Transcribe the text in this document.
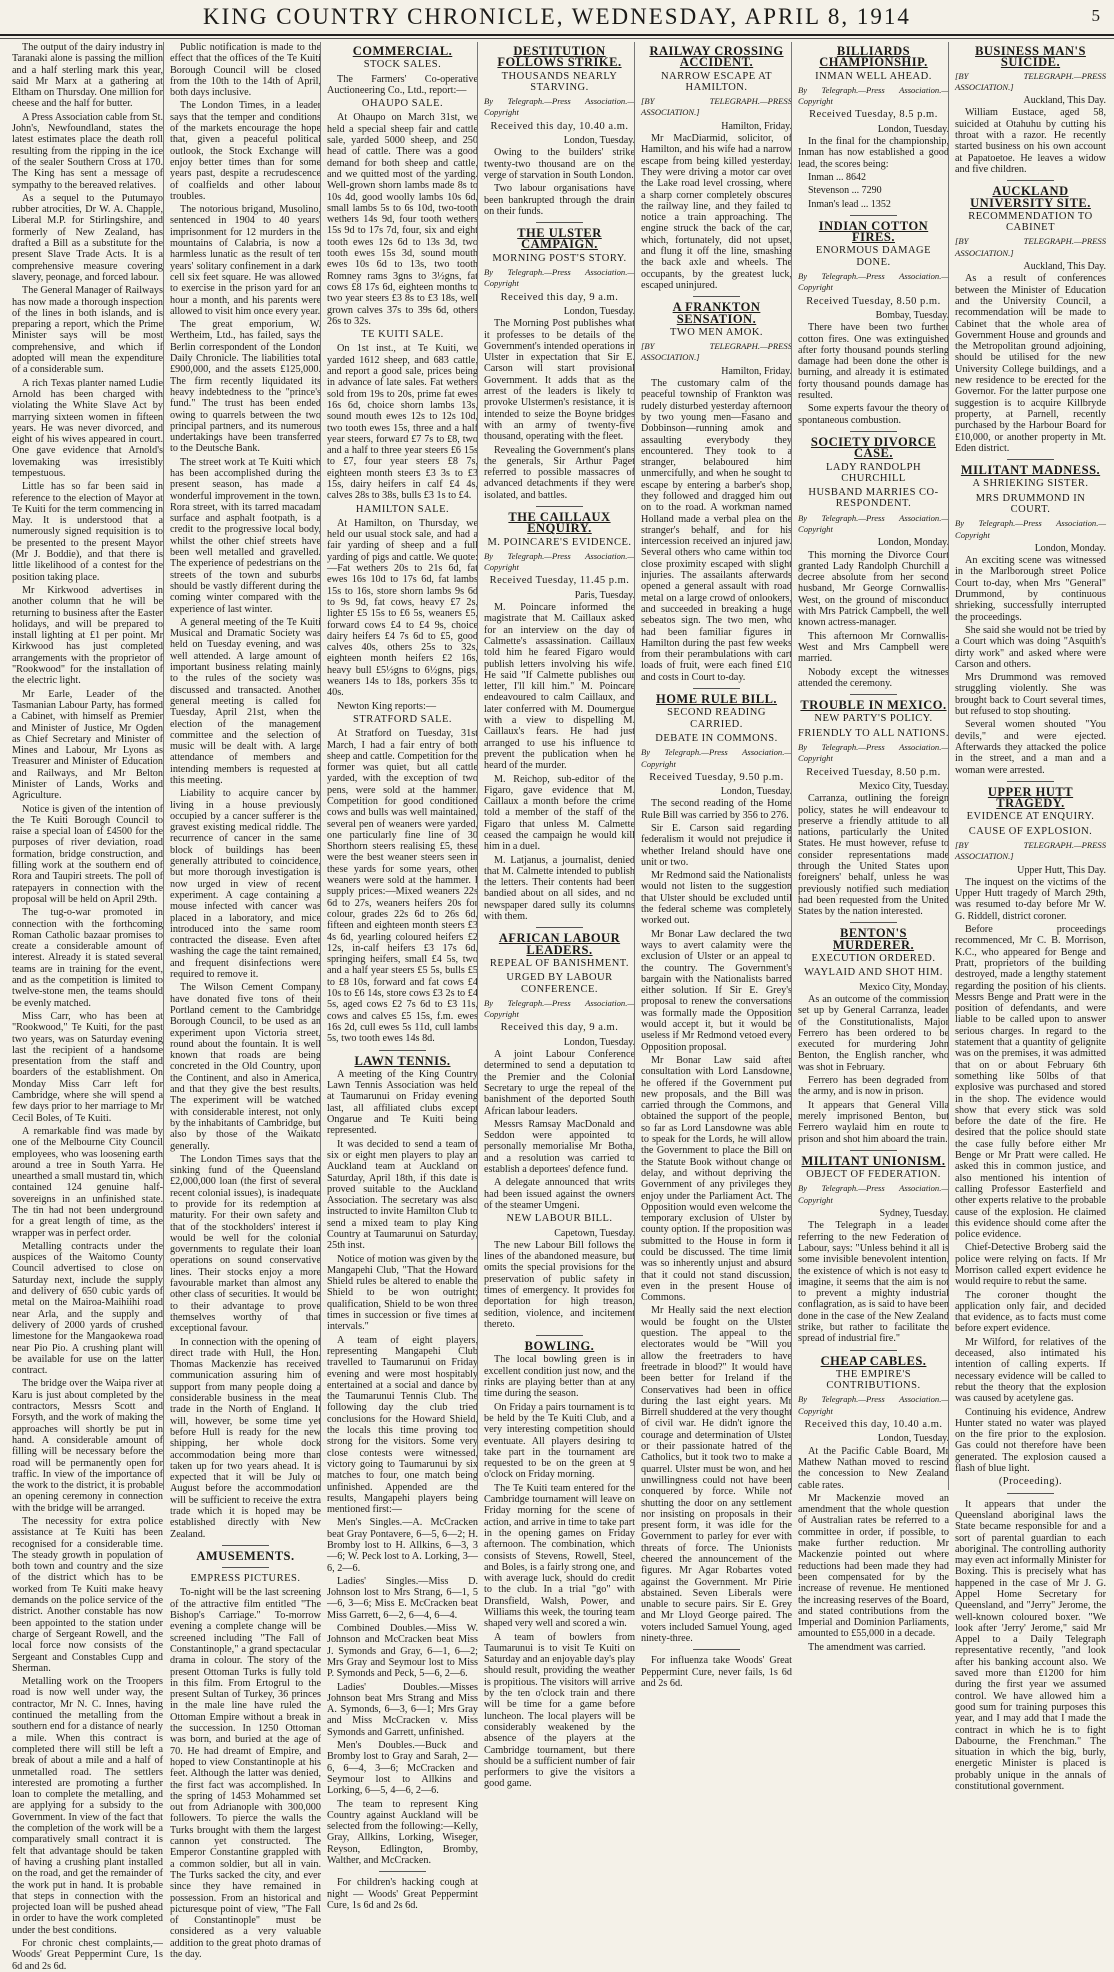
KING COUNTRY CHRONICLE, WEDNESDAY, APRIL 8, 1914	5

The output of the dairy industry in Taranaki alone is passing the million and a half sterling mark this year, said Mr Marx at a gathering at Eltham on Thursday. One million for cheese and the half for butter.

A Press Association cable from St. John's, Newfoundland, states the latest estimates place the death roll resulting from the ripping in the ice of the sealer Southern Cross at 170. The King has sent a message of sympathy to the bereaved relatives.

As a sequel to the Putumayo rubber atrocities, Dr W. A. Chapple, Liberal M.P. for Stirlingshire, and formerly of New Zealand, has drafted a Bill as a substitute for the present Slave Trade Acts. It is a comprehensive measure covering slavery, peonage, and forced labour.

The General Manager of Railways has now made a thorough inspection of the lines in both islands, and is preparing a report, which the Prime Minister says will be most comprehensive, and which if adopted will mean the expenditure of a considerable sum.

A rich Texas planter named Ludie Arnold has been charged with violating the White Slave Act by marrying sixteen women in fifteen years. He was never divorced, and eight of his wives appeared in court. One gave evidence that Arnold's lovemaking was irresistibly tempestuous.

Little has so far been said in reference to the election of Mayor at Te Kuiti for the term commencing in May. It is understood that a numerously signed requisition is to be presented to the present Mayor (Mr J. Boddie), and that there is little likelihood of a contest for the position taking place.

Mr Kirkwood advertises in another column that he will be returning to business after the Easter holidays, and will be prepared to install lighting at £1 per point. Mr Kirkwood has just completed arrangements with the proprietor of "Rookwood" for the installation of the electric light.

Mr Earle, Leader of the Tasmanian Labour Party, has formed a Cabinet, with himself as Premier and Minister of Justice, Mr Ogden as Chief Secretary and Minister of Mines and Labour, Mr Lyons as Treasurer and Minister of Education and Railways, and Mr Belton Minister of Lands, Works and Agriculture.

Notice is given of the intention of the Te Kuiti Borough Council to raise a special loan of £4500 for the purposes of river deviation, road formation, bridge construction, and filling work at the southern end of Rora and Taupiri streets. The poll of ratepayers in connection with the proposal will be held on April 29th.

The tug-o-war promoted in connection with the forthcoming Roman Catholic bazaar promises to create a considerable amount of interest. Already it is stated several teams are in training for the event, and as the competition is limited to twelve-stone men, the teams should be evenly matched.

Miss Carr, who has been at "Rookwood," Te Kuiti, for the past two years, was on Saturday evening last the recipient of a handsome presentation from the staff and boarders of the establishment. On Monday Miss Carr left for Cambridge, where she will spend a few days prior to her marriage to Mr Cecil Boles, of Te Kuiti.

A remarkable find was made by one of the Melbourne City Council employees, who was loosening earth around a tree in South Yarra. He unearthed a small mustard tin, which contained 124 genuine half-sovereigns in an unfinished state. The tin had not been underground for a great length of time, as the wrapper was in perfect order.

Metalling contracts under the auspices of the Waitomo County Council advertised to close on Saturday next, include the supply and delivery of 650 cubic yards of metal on the Mairoa-Maihiihi road near Arla, and the supply and delivery of 2000 yards of crushed limestone for the Mangaokewa road near Pio Pio. A crushing plant will be available for use on the latter contract.

The bridge over the Waipa river at Karu is just about completed by the contractors, Messrs Scott and Forsyth, and the work of making the approaches will shortly be put in hand. A considerable amount of filling will be necessary before the road will be permanently open for traffic. In view of the importance of the work to the district, it is probable an opening ceremony in connection with the bridge will be arranged.

The necessity for extra police assistance at Te Kuiti has been recognised for a considerable time. The steady growth in population of both town and country and the size of the district which has to be worked from Te Kuiti make heavy demands on the police service of the district. Another constable has now been appointed to the station under charge of Sergeant Rowell, and the local force now consists of the Sergeant and Constables Cupp and Sherman.

Metalling work on the Troopers road is now well under way, the contractor, Mr N. C. Innes, having continued the metalling from the southern end for a distance of nearly a mile. When this contract is completed there will still be left a break of about a mile and a half of unmetalled road. The settlers interested are promoting a further loan to complete the metalling, and are applying for a subsidy to the Government. In view of the fact that the completion of the work will be a comparatively small contract it is felt that advantage should be taken of having a crushing plant installed on the road, and get the remainder of the work put in hand. It is probable that steps in connection with the projected loan will be pushed ahead in order to have the work completed under the best conditions.

For chronic chest complaints,— Woods' Great Peppermint Cure, 1s 6d and 2s 6d.

Public notification is made to the effect that the offices of the Te Kuiti Borough Council will be closed from the 10th to the 14th of April, both days inclusive.

The London Times, in a leader says that the temper and conditions of the markets encourage the hope that, given a peaceful political outlook, the Stock Exchange will enjoy better times than for some years past, despite a recrudescence of coalfields and other labour troubles.

The notorious brigand, Musolino, sentenced in 1904 to 40 years' imprisonment for 12 murders in the mountains of Calabria, is now a harmless lunatic as the result of ten years' solitary confinement in a dark cell six feet square. He was allowed to exercise in the prison yard for an hour a month, and his parents were allowed to visit him once every year.

The great emporium, W. Wertheim, Ltd., has failed, says the Berlin correspondent of the London Daily Chronicle. The liabilities total £900,000, and the assets £125,000. The firm recently liquidated its heavy indebtedness to the "prince's fund." The trust has been ended owing to quarrels between the two principal partners, and its numerous undertakings have been transferred to the Deutsche Bank.

The street work at Te Kuiti which has been accomplished during the present season, has made a wonderful improvement in the town. Rora street, with its tarred macadam surface and asphalt footpath, is a credit to the progressive local body, whilst the other chief streets have been well metalled and gravelled. The experience of pedestrians on the streets of the town and suburbs should be vastly different during the coming winter compared with the experience of last winter.

A general meeting of the Te Kuiti Musical and Dramatic Society was held on Tuesday evening, and was well attended. A large amount of important business relating mainly to the rules of the society was discussed and transacted. Another general meeting is called for Tuesday, April 21st, when the election of the management committee and the selection of music will be dealt with. A large attendance of members and intending members is requested at this meeting.

Liability to acquire cancer by living in a house previously occupied by a cancer sufferer is the gravest existing medical riddle. The recurrence of cancer in the same block of buildings has been generally attributed to coincidence, but more thorough investigation is now urged in view of recent experiment. A cage containing a mouse infected with cancer was placed in a laboratory, and mice introduced into the same room contracted the disease. Even after washing the cage the taint remained, and frequent disinfections were required to remove it.

The Wilson Cement Company have donated five tons of their Portland cement to the Cambridge Borough Council, to be used as an experiment upon Victoria street, round about the fountain. It is well known that roads are being concreted in the Old Country, upon the Continent, and also in America, and that they give the best results. The experiment will be watched with considerable interest, not only by the inhabitants of Cambridge, but also by those of the Waikato generally.

The London Times says that the sinking fund of the Queensland £2,000,000 loan (the first of several recent colonial issues), is inadequate to provide for its redemption at maturity. For their own safety and that of the stockholders' interest it would be well for the colonial governments to regulate their loan operations on sound conservative lines. Their stocks enjoy a more favourable market than almost any other class of securities. It would be to their advantage to prove themselves worthy of that exceptional favour.

In connection with the opening of direct trade with Hull, the Hon. Thomas Mackenzie has received communication assuring him of support from many people doing a considerable business in the meat trade in the North of England. It will, however, be some time yet before Hull is ready for the new shipping, her whole dock accommodation being more than taken up for two years ahead. It is expected that it will be July or August before the accommodation will be sufficient to receive the extra trade which it is hoped may be established directly with New Zealand.

AMUSEMENTS.
EMPRESS PICTURES.

To-night will be the last screening of the attractive film entitled "The Bishop's Carriage." To-morrow evening a complete change will be screened including "The Fall of Constantinople," a grand spectacular drama in colour. The story of the present Ottoman Turks is fully told in this film. From Ertogrul to the present Sultan of Turkey, 36 princes in the male line have ruled the Ottoman Empire without a break in the succession. In 1250 Ottoman was born, and buried at the age of 70. He had dreamt of Empire, and hoped to view Constantinople at his feet. Although the latter was denied, the first fact was accomplished. In the spring of 1453 Mohammed set out from Adrianople with 300,000 followers. To pierce the walls the Turks brought with them the largest cannon yet constructed. The Emperor Constantine grappled with a common soldier, but all in vain. The Turks sacked the city, and ever since they have remained in possession. From an historical and picturesque point of view, "The Fall of Constantinople" must be considered as a very valuable addition to the great photo dramas of the day.

COMMERCIAL.
STOCK SALES.

The Farmers' Co-operative Auctioneering Co., Ltd., report:—

OHAUPO SALE.

At Ohaupo on March 31st, we held a special sheep fair and cattle sale, yarded 5000 sheep, and 250 head of cattle. There was a good demand for both sheep and cattle, and we quitted most of the yarding. Well-grown shorn lambs made 8s to 10s 4d, good woolly lambs 10s 6d, small lambs 5s to 6s 10d, two-tooth wethers 14s 9d, four tooth wethers 15s 9d to 17s 7d, four, six and eight tooth ewes 12s 6d to 13s 3d, two tooth ewes 15s 3d, sound mouth ewes 10s 6d to 13s, two tooth Romney rams 3gns to 3½gns, fat cows £8 17s 6d, eighteen months to two year steers £3 8s to £3 18s, well grown calves 37s to 39s 6d, others 26s to 32s.

TE KUITI SALE.

On 1st inst., at Te Kuiti, we yarded 1612 sheep, and 683 cattle, and report a good sale, prices being in advance of late sales. Fat wethers sold from 19s to 20s, prime fat ewes 16s 6d, choice shorn lambs 13s, sound mouth ewes 12s to 12s 10d, two tooth ewes 15s, three and a half year steers, forward £7 7s to £8, two and a half to three year steers £6 15s to £7, four year steers £8 7s, eighteen month steers £3 3s to £3 15s, dairy heifers in calf £4 4s, calves 28s to 38s, bulls £3 1s to £4.

HAMILTON SALE.

At Hamilton, on Thursday, we held our usual stock sale, and had a fair yarding of sheep and a full yarding of pigs and cattle. We quote:—Fat wethers 20s to 21s 6d, fat ewes 16s 10d to 17s 6d, fat lambs 15s to 16s, store shorn lambs 9s 6d to 9s 9d, fat cows, heavy £7 2s, lighter £5 15s to £6 5s, weaners £5, forward cows £4 to £4 9s, choice dairy heifers £4 7s 6d to £5, good calves 40s, others 25s to 32s, eighteen month heifers £2 16s, heavy bull £5½gns to 6½gns, pigs, weaners 14s to 18s, porkers 35s to 40s.

Newton King reports:—

STRATFORD SALE.

At Stratford on Tuesday, 31st March, I had a fair entry of both sheep and cattle. Competition for the former was quiet, but all cattle yarded, with the exception of two pens, were sold at the hammer. Competition for good conditioned cows and bulls was well maintained, several pen of weaners were yarded, one particularly fine line of 30 Shorthorn steers realising £5, these were the best weaner steers seen in these yards for some years, other weaners were sold at the hammer. I supply prices:—Mixed weaners 22s 6d to 27s, weaners heifers 20s for colour, grades 22s 6d to 26s 6d, fifteen and eighteen month steers £3 4s 6d, yearling coloured heifers £2 12s, in-calf heifers £3 17s 6d, springing heifers, small £4 5s, two and a half year steers £5 5s, bulls £5 to £8 10s, forward and fat cows £4 10s to £6 14s, store cows £3 2s to £4 5s, aged cows £2 7s 6d to £3 11s, cows and calves £5 15s, f.m. ewes 16s 2d, cull ewes 5s 11d, cull lambs 5s, two tooth ewes 14s 8d.

LAWN TENNIS.

A meeting of the King Country Lawn Tennis Association was held at Taumarunui on Friday evening last, all affiliated clubs except Ongarue and Te Kuiti being represented.

It was decided to send a team of six or eight men players to play an Auckland team at Auckland on Saturday, April 18th, if this date is proved suitable to the Auckland Association. The secretary was also instructed to invite Hamilton Club to send a mixed team to play King Country at Taumarunui on Saturday, 25th inst.

Notice of motion was given by the Mangapehi Club, "That the Howard Shield rules be altered to enable the Shield to be won outright; qualification, Shield to be won three times in succession or five times at intervals."

A team of eight players, representing Mangapehi Club travelled to Taumarunui on Friday evening and were most hospitably entertained at a social and dance by the Taumarunui Tennis Club. The following day the club tried conclusions for the Howard Shield, the locals this time proving too strong for the visitors. Some very close contests were witnessed, victory going to Taumarunui by six matches to four, one match being unfinished. Appended are the results, Mangapehi players being mentioned first:—

Men's Singles.—A. McCracken beat Gray Pontavere, 6—5, 6—2; H. Bromby lost to H. Allkins, 6—3, 3—6; W. Peck lost to A. Lorking, 3—6, 2—6.

Ladies' Singles.—Miss D. Johnson lost to Mrs Strang, 6—1, 5—6, 3—6; Miss E. McCracken beat Miss Garrett, 6—2, 6—4, 6—4.

Combined Doubles.—Miss W. Johnson and McCracken beat Miss J. Symonds and Gray, 6—1, 6—2; Mrs Gray and Seymour lost to Miss P. Symonds and Peck, 5—6, 2—6.

Ladies' Doubles.—Misses Johnson beat Mrs Strang and Miss A. Symonds, 6—3, 6—1; Mrs Gray and Miss McCracken v. Miss Symonds and Garrett, unfinished.

Men's Doubles.—Buck and Bromby lost to Gray and Sarah, 2—6, 6—4, 3—6; McCracken and Seymour lost to Allkins and Lorking, 6—5, 4—6, 2—6.

The team to represent King Country against Auckland will be selected from the following:—Kelly, Gray, Allkins, Lorking, Wiseger, Reyson, Edlington, Bromby, Walther, and McCracken.

For children's hacking cough at night — Woods' Great Peppermint Cure, 1s 6d and 2s 6d.

DESTITUTION FOLLOWS STRIKE.
THOUSANDS NEARLY STARVING.

By Telegraph.—Press Association.—Copyright

Received this day, 10.40 a.m.
London, Tuesday.

Owing to the builders' strike twenty-two thousand are on the verge of starvation in South London.

Two labour organisations have been bankrupted through the drain on their funds.

THE ULSTER CAMPAIGN.
MORNING POST'S STORY.

By Telegraph.—Press Association.—Copyright

Received this day, 9 a.m.
London, Tuesday.

The Morning Post publishes what it professes to be details of the Government's intended operations in Ulster in expectation that Sir E. Carson will start provisional Government. It adds that as the arrest of the leaders is likely to provoke Ulstermen's resistance, it is intended to seize the Boyne bridges with an army of twenty-five thousand, operating with the fleet.

Revealing the Government's plans the generals, Sir Arthur Paget referred to possible massacres of advanced detachments if they were isolated, and battles.

THE CAILLAUX ENQUIRY.
M. POINCARE'S EVIDENCE.

By Telegraph.—Press Association.—Copyright

Received Tuesday, 11.45 p.m.
Paris, Tuesday.

M. Poincare informed the magistrate that M. Caillaux asked for an interview on the day of Calmette's assassination. Caillaux told him he feared Figaro would publish letters involving his wife. He said "If Calmette publishes our letter, I'll kill him." M. Poincare endeavoured to calm Caillaux, and later conferred with M. Doumergue with a view to dispelling M. Caillaux's fears. He had just arranged to use his influence to prevent the publication when he heard of the murder.

M. Reichop, sub-editor of the Figaro, gave evidence that M. Caillaux a month before the crime told a member of the staff of the Figaro that unless M. Calmette ceased the campaign he would kill him in a duel.

M. Latjanus, a journalist, denied that M. Calmette intended to publish the letters. Their contents had been bandied about on all sides, and no newspaper dared sully its columns with them.

AFRICAN LABOUR LEADERS.
REPEAL OF BANISHMENT.
URGED BY LABOUR CONFERENCE.

By Telegraph.—Press Association.—Copyright

Received this day, 9 a.m.
London, Tuesday.

A joint Labour Conference determined to send a deputation to the Premier and the Colonial Secretary to urge the repeal of the banishment of the deported South African labour leaders.

Messrs Ramsay MacDonald and Seddon were appointed to personally memorialise Mr Botha, and a resolution was carried to establish a deportees' defence fund.

A delegate announced that writs had been issued against the owners of the steamer Umgeni.

NEW LABOUR BILL.
Capetown, Tuesday.

The new Labour Bill follows the lines of the abandoned measure, but omits the special provisions for the preservation of public safety in times of emergency. It provides for deportation for high treason, sedition, violence, and incitement thereto.

BOWLING.

The local bowling green is in excellent condition just now, and the rinks are playing better than at any time during the season.

On Friday a pairs tournament is to be held by the Te Kuiti Club, and a very interesting competition should eventuate. All players desiring to take part in the tournament are requested to be on the green at 9 o'clock on Friday morning.

The Te Kuiti team entered for the Cambridge tournament will leave on Friday morning for the scene of action, and arrive in time to take part in the opening games on Friday afternoon. The combination, which consists of Stevens, Rowell, Steel, and Boles, is a fairly strong one, and with average luck, should do credit to the club. In a trial "go" with Dransfield, Walsh, Power, and Williams this week, the touring team shaped very well and scored a win.

A team of bowlers from Taumarunui is to visit Te Kuiti on Saturday and an enjoyable day's play should result, providing the weather is propitious. The visitors will arrive by the ten o'clock train and there will be time for a game before luncheon. The local players will be considerably weakened by the absence of the players at the Cambridge tournament, but there should be a sufficient number of fair performers to give the visitors a good game.

RAILWAY CROSSING ACCIDENT.
NARROW ESCAPE AT HAMILTON.

[BY TELEGRAPH.—PRESS ASSOCIATION.]

Hamilton, Friday.

Mr MacDiarmid, solicitor, of Hamilton, and his wife had a narrow escape from being killed yesterday. They were driving a motor car over the Lake road level crossing, where a sharp corner completely obscures the railway line, and they failed to notice a train approaching. The engine struck the back of the car, which, fortunately, did not upset, and flung it off the line, smashing the back axle and wheels. The occupants, by the greatest luck, escaped uninjured.

A FRANKTON SENSATION.
TWO MEN AMOK.

[BY TELEGRAPH.—PRESS ASSOCIATION.]

Hamilton, Friday.

The customary calm of the peaceful township of Frankton was rudely disturbed yesterday afternoon by two young men—Fasano and Dobbinson—running amok and assaulting everybody they encountered. They took to a stranger, belaboured him unmercifully, and when he sought to escape by entering a barber's shop, they followed and dragged him out on to the road. A workman named Holland made a verbal plea on the stranger's behalf, and for his intercession received an injured jaw. Several others who came within too close proximity escaped with slight injuries. The assailants afterwards opened a general assault with road metal on a large crowd of onlookers, and succeeded in breaking a huge sebeatos sign. The two men, who had been familiar figures in Hamilton during the past few weeks from their perambulations with cart loads of fruit, were each fined £10 and costs in Court to-day.

HOME RULE BILL.
SECOND READING CARRIED.
DEBATE IN COMMONS.

By Telegraph.—Press Association.—Copyright

Received Tuesday, 9.50 p.m.
London, Tuesday.

The second reading of the Home Rule Bill was carried by 356 to 276.

Sir E. Carson said regarding federalism it would not prejudice it whether Ireland should have one unit or two.

Mr Redmond said the Nationalists would not listen to the suggestion that Ulster should be excluded until the federal scheme was completely worked out.

Mr Bonar Law declared the two ways to avert calamity were the exclusion of Ulster or an appeal to the country. The Government's bargain with the Nationalists barred either solution. If Sir E. Grey's proposal to renew the conversations was formally made the Opposition would accept it, but it would be useless if Mr Redmond vetoed every Opposition proposal.

Mr Bonar Law said after consultation with Lord Lansdowne, he offered if the Government put new proposals, and the Bill was carried through the Commons, and obtained the support of the people, so far as Lord Lansdowne was able to speak for the Lords, he will allow the Government to place the Bill on the Statute Book without change or delay, and without depriving the Government of any privileges they enjoy under the Parliament Act. The Opposition would even welcome the temporary exclusion of Ulster by county option. If the proposition was submitted to the House in form it could be discussed. The time limit was so inherently unjust and absurd that it could not stand discussion, even in the present House of Commons.

Mr Heally said the next election would be fought on the Ulster question. The appeal to the electorates would be "Will you allow the freetraders to have freetrade in blood?" It would have been better for Ireland if the Conservatives had been in office during the last eight years. Mr Birrell shuddered at the very thought of civil war. He didn't ignore the courage and determination of Ulster or their passionate hatred of the Catholics, but it took two to make a quarrel. Ulster must be won, and her unwillingness could not have been conquered by force. While not shutting the door on any settlement nor insisting on proposals in their present form, it was idle for the Government to parley for ever with threats of force. The Unionists cheered the announcement of the figures. Mr Agar Robartes voted against the Government. Mr Pirie abstained. Seven Liberals were unable to secure pairs. Sir E. Grey and Mr Lloyd George paired. The voters included Samuel Young, aged ninety-three.

For influenza take Woods' Great Peppermint Cure, never fails, 1s 6d and 2s 6d.

BILLIARDS CHAMPIONSHIP.
INMAN WELL AHEAD.

By Telegraph.—Press Association.—Copyright

Received Tuesday, 8.5 p.m.
London, Tuesday.

In the final for the championship, Inman has now established a good lead, the scores being:

Inman ... 8642

Stevenson ... 7290

Inman's lead ... 1352

INDIAN COTTON FIRES.
ENORMOUS DAMAGE DONE.

By Telegraph.—Press Association.—Copyright

Received Tuesday, 8.50 p.m.
Bombay, Tuesday.

There have been two further cotton fires. One was extinguished after forty thousand pounds sterling damage had been done the other is burning, and already it is estimated forty thousand pounds damage has resulted.

Some experts favour the theory of spontaneous combustion.

SOCIETY DIVORCE CASE.
LADY RANDOLPH CHURCHILL
HUSBAND MARRIES CO-RESPONDENT.

By Telegraph.—Press Association.—Copyright

London, Monday.

This morning the Divorce Court granted Lady Randolph Churchill a decree absolute from her second husband, Mr George Cornwallis-West, on the ground of misconduct with Mrs Patrick Campbell, the well known actress-manager.

This afternoon Mr Cornwallis-West and Mrs Campbell were married.

Nobody except the witnesses attended the ceremony.

TROUBLE IN MEXICO.
NEW PARTY'S POLICY.
FRIENDLY TO ALL NATIONS.

By Telegraph.—Press Association.—Copyright

Received Tuesday, 8.50 p.m.
Mexico City, Tuesday.

Carranza, outlining the foreign policy, states he will endeavour to preserve a friendly attitude to all nations, particularly the United States. He must however, refuse to consider representations made through the United States upon foreigners' behalf, unless he was previously notified such mediation had been requested from the United States by the nation interested.

BENTON'S MURDERER.
EXECUTION ORDERED.
WAYLAID AND SHOT HIM.
Mexico City, Monday.

As an outcome of the commission set up by General Carranza, leader of the Constitutionalists, Major Ferrero has been ordered to be executed for murdering John Benton, the English rancher, who was shot in February.

Ferrero has been degraded from the army, and is now in prison.

It appears that General Villa merely imprisoned Benton, but Ferrero waylaid him en route to prison and shot him aboard the train.

MILITANT UNIONISM.
OBJECT OF FEDERATION.

By Telegraph.—Press Association.—Copyright

Sydney, Tuesday.

The Telegraph in a leader referring to the new Federation of Labour, says: "Unless behind it all is some invisible benevolent intention, the existence of which is not easy to imagine, it seems that the aim is not to prevent a mighty industrial conflagration, as is said to have been done in the case of the New Zealand strike, but rather to facilitate the spread of industrial fire."

CHEAP CABLES.
THE EMPIRE'S CONTRIBUTIONS.

By Telegraph.—Press Association.—Copyright

Received this day, 10.40 a.m.
London, Tuesday.

At the Pacific Cable Board, Mr Mathew Nathan moved to rescind the concession to New Zealand cable rates.

Mr Mackenzie moved an amendment that the whole question of Australian rates be referred to a committee in order, if possible, to make further reduction. Mr Mackenzie pointed out where reductions had been made they had been compensated for by the increase of revenue. He mentioned the increasing reserves of the Board, and stated contributions from the Imperial and Dominion Parliaments, amounted to £55,000 in a decade.

The amendment was carried.

BUSINESS MAN'S SUICIDE.

[BY TELEGRAPH.—PRESS ASSOCIATION.]

Auckland, This Day.

William Eustace, aged 58, suicided at Otahuhu by cutting his throat with a razor. He recently started business on his own account at Papatoetoe. He leaves a widow and five children.

AUCKLAND UNIVERSITY SITE.
RECOMMENDATION TO CABINET

[BY TELEGRAPH.—PRESS ASSOCIATION.]

Auckland, This Day.

As a result of conferences between the Minister of Education and the University Council, a recommendation will be made to Cabinet that the whole area of Government House and grounds and the Metropolitan ground adjoining, should be utilised for the new University College buildings, and a new residence to be erected for the Governor. For the latter purpose one suggestion is to acquire Killbryde property, at Parnell, recently purchased by the Harbour Board for £10,000, or another property in Mt. Eden district.

MILITANT MADNESS.
A SHRIEKING SISTER.
MRS DRUMMOND IN COURT.

By Telegraph.—Press Association.—Copyright

London, Monday.

An exciting scene was witnessed in the Marlborough street Police Court to-day, when Mrs "General" Drummond, by continuous shrieking, successfully interrupted the proceedings.

She said she would not be tried by a Court which was doing "Asquith's dirty work" and asked where were Carson and others.

Mrs Drummond was removed struggling violently. She was brought back to Court several times, but refused to stop shouting.

Several women shouted "You devils," and were ejected. Afterwards they attacked the police in the street, and a man and a woman were arrested.

UPPER HUTT TRAGEDY.
EVIDENCE AT ENQUIRY.
CAUSE OF EXPLOSION.

[BY TELEGRAPH.—PRESS ASSOCIATION.]

Upper Hutt, This Day.

The inquest on the victims of the Upper Hutt tragedy of March 29th, was resumed to-day before Mr W. G. Riddell, district coroner.

Before proceedings recommenced, Mr C. B. Morrison, K.C., who appeared for Benge and Pratt, proprietors of the building destroyed, made a lengthy statement regarding the position of his clients. Messrs Benge and Pratt were in the position of defendants, and were liable to be called upon to answer serious charges. In regard to the statement that a quantity of gelignite was on the premises, it was admitted that on or about February 6th something like 50lbs of that explosive was purchased and stored in the shop. The evidence would show that every stick was sold before the date of the fire. He desired that the police should state the case fully before either Mr Benge or Mr Pratt were called. He asked this in common justice, and also mentioned his intention of calling Professor Easterfield and other experts relative to the probable cause of the explosion. He claimed this evidence should come after the police evidence.

Chief-Detective Broberg said the police were relying on facts. If Mr Morrison called expert evidence he would require to rebut the same.

The coroner thought the application only fair, and decided that evidence, as to facts must come before expert evidence.

Mr Wilford, for relatives of the deceased, also intimated his intention of calling experts. If necessary evidence will be called to rebut the theory that the explosion was caused by acetylene gas.

Continuing his evidence, Andrew Hunter stated no water was played on the fire prior to the explosion. Gas could not therefore have been generated. The explosion caused a flash of blue light.

(Proceeding).

It appears that under the Queensland aboriginal laws the State became responsible for and a sort of parental guardian to each aboriginal. The controlling authority may even act informally Minister for Boxing. This is precisely what has happened in the case of Mr J. G. Appel Home Secretary for Queensland, and "Jerry" Jerome, the well-known coloured boxer. "We look after 'Jerry' Jerome," said Mr Appel to a Daily Telegraph representative recently, "and look after his banking account also. We saved more than £1200 for him during the first year we assumed control. We have allowed him a good sum for training purposes this year, and I may add that I made the contract in which he is to fight Dabourne, the Frenchman." The situation in which the big, burly, energetic Minister is placed is probably unique in the annals of constitutional government.
